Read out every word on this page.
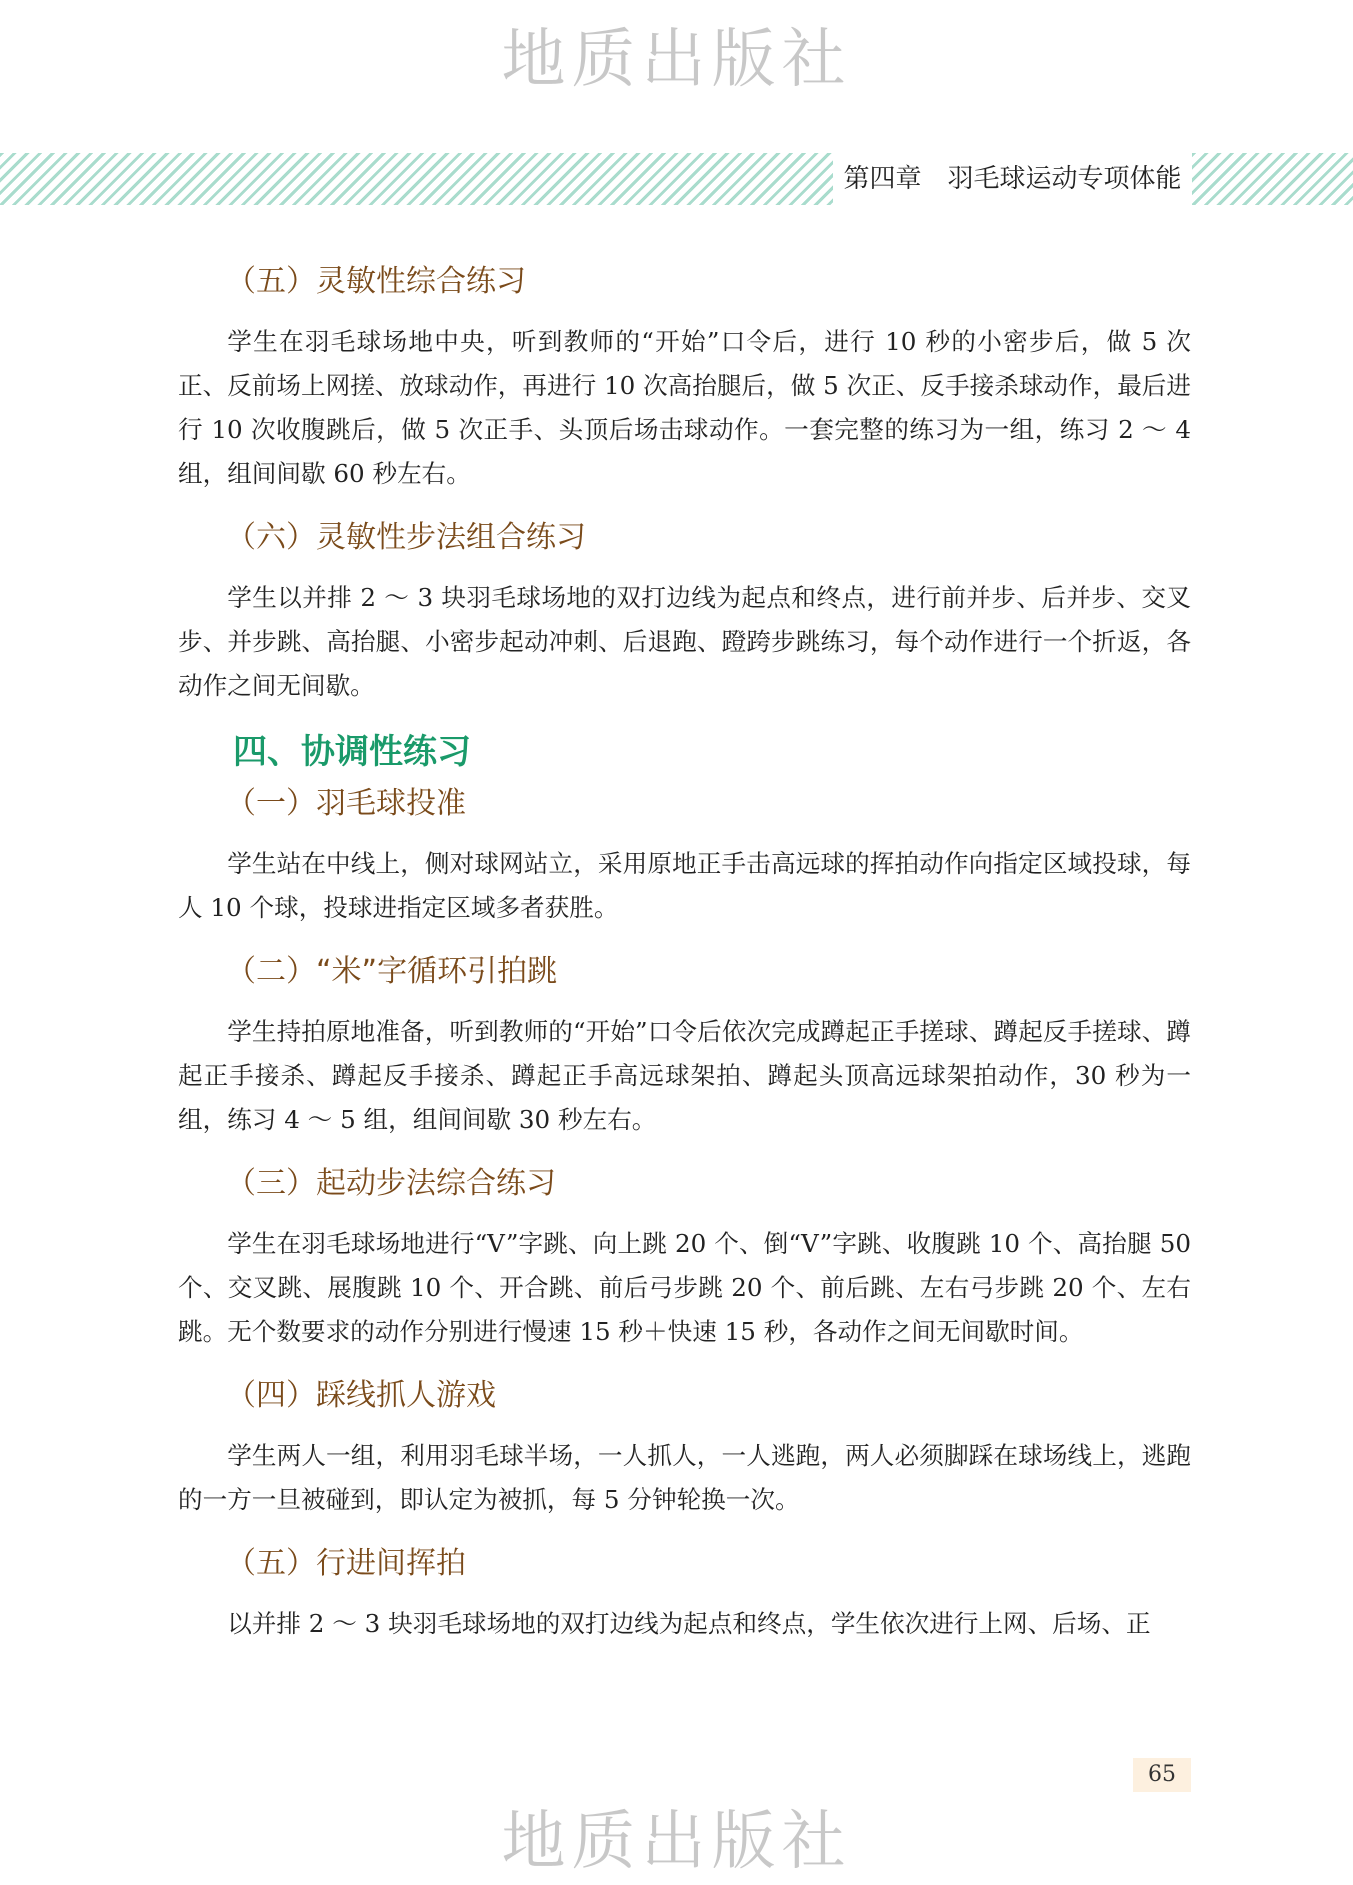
地质出版社
第四章　羽毛球运动专项体能
（五）灵敏性综合练习

学生在羽毛球场地中央，听到教师的“开始”口令后，进行 10 秒的小密步后，做 5 次正、反前场上网搓、放球动作，再进行 10 次高抬腿后，做 5 次正、反手接杀球动作，最后进行 10 次收腹跳后，做 5 次正手、头顶后场击球动作。一套完整的练习为一组，练习 2 ～ 4 组，组间间歇 60 秒左右。

（六）灵敏性步法组合练习

学生以并排 2 ～ 3 块羽毛球场地的双打边线为起点和终点，进行前并步、后并步、交叉步、并步跳、高抬腿、小密步起动冲刺、后退跑、蹬跨步跳练习，每个动作进行一个折返，各动作之间无间歇。

四、协调性练习
（一）羽毛球投准

学生站在中线上，侧对球网站立，采用原地正手击高远球的挥拍动作向指定区域投球，每人 10 个球，投球进指定区域多者获胜。

（二）“米”字循环引拍跳

学生持拍原地准备，听到教师的“开始”口令后依次完成蹲起正手搓球、蹲起反手搓球、蹲起正手接杀、蹲起反手接杀、蹲起正手高远球架拍、蹲起头顶高远球架拍动作，30 秒为一组，练习 4 ～ 5 组，组间间歇 30 秒左右。

（三）起动步法综合练习

学生在羽毛球场地进行“V”字跳、向上跳 20 个、倒“V”字跳、收腹跳 10 个、高抬腿 50 个、交叉跳、展腹跳 10 个、开合跳、前后弓步跳 20 个、前后跳、左右弓步跳 20 个、左右跳。无个数要求的动作分别进行慢速 15 秒＋快速 15 秒，各动作之间无间歇时间。

（四）踩线抓人游戏

学生两人一组，利用羽毛球半场，一人抓人，一人逃跑，两人必须脚踩在球场线上，逃跑的一方一旦被碰到，即认定为被抓，每 5 分钟轮换一次。

（五）行进间挥拍

以并排 2 ～ 3 块羽毛球场地的双打边线为起点和终点，学生依次进行上网、后场、正

65
地质出版社
